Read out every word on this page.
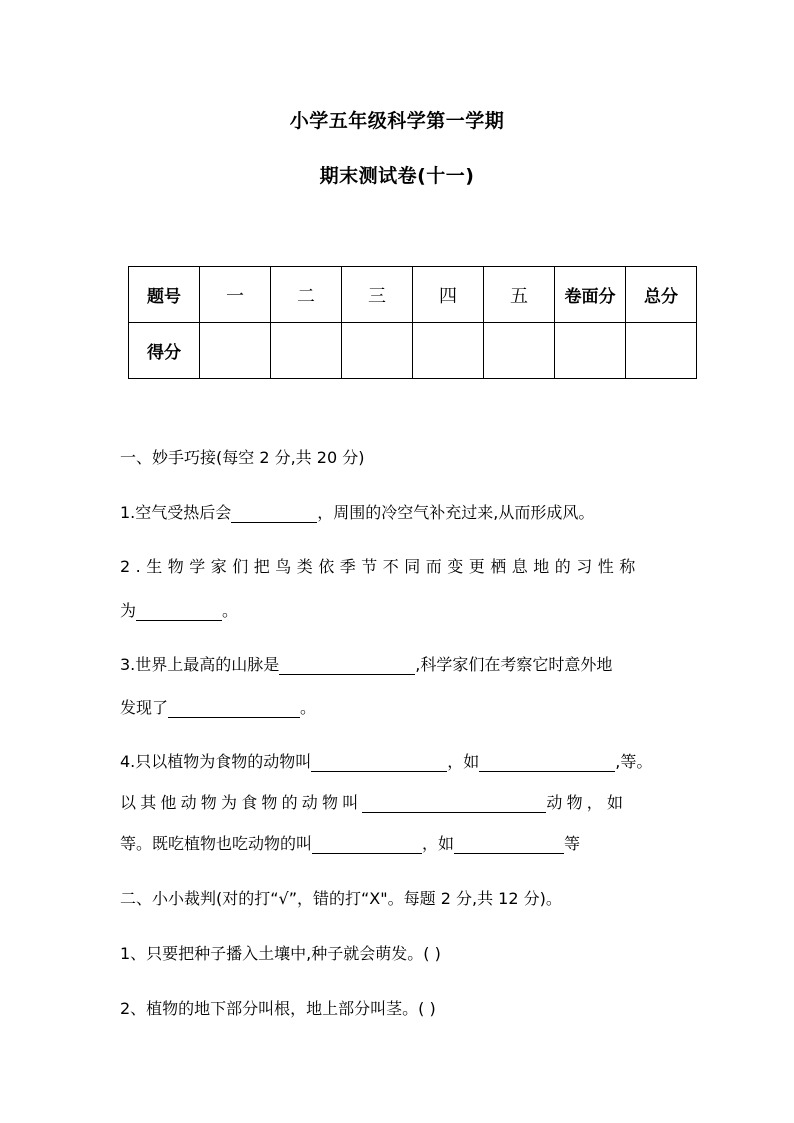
小学五年级科学第一学期
期末测试卷(十一)
题号	一	二	三	四	五	卷面分	总分
得分							
一、妙手巧接(每空 2 分,共 20 分)
1.空气受热后会	，周围的冷空气补充过来,从而形成风。
2.生物学家们把鸟类依季节不同而变更栖息地的习性称
为	。
3.世界上最高的山脉是	,科学家们在考察它时意外地
发现了	。
4.只以植物为食物的动物叫	，如	,等。
以其他动物为食物的动物叫	动物，如
等。既吃植物也吃动物的叫	，如	等
二、小小裁判(对的打“√”，错的打“X"。每题 2 分,共 12 分)。
1、只要把种子播入土壤中,种子就会萌发。( )
2、植物的地下部分叫根，地上部分叫茎。( )
